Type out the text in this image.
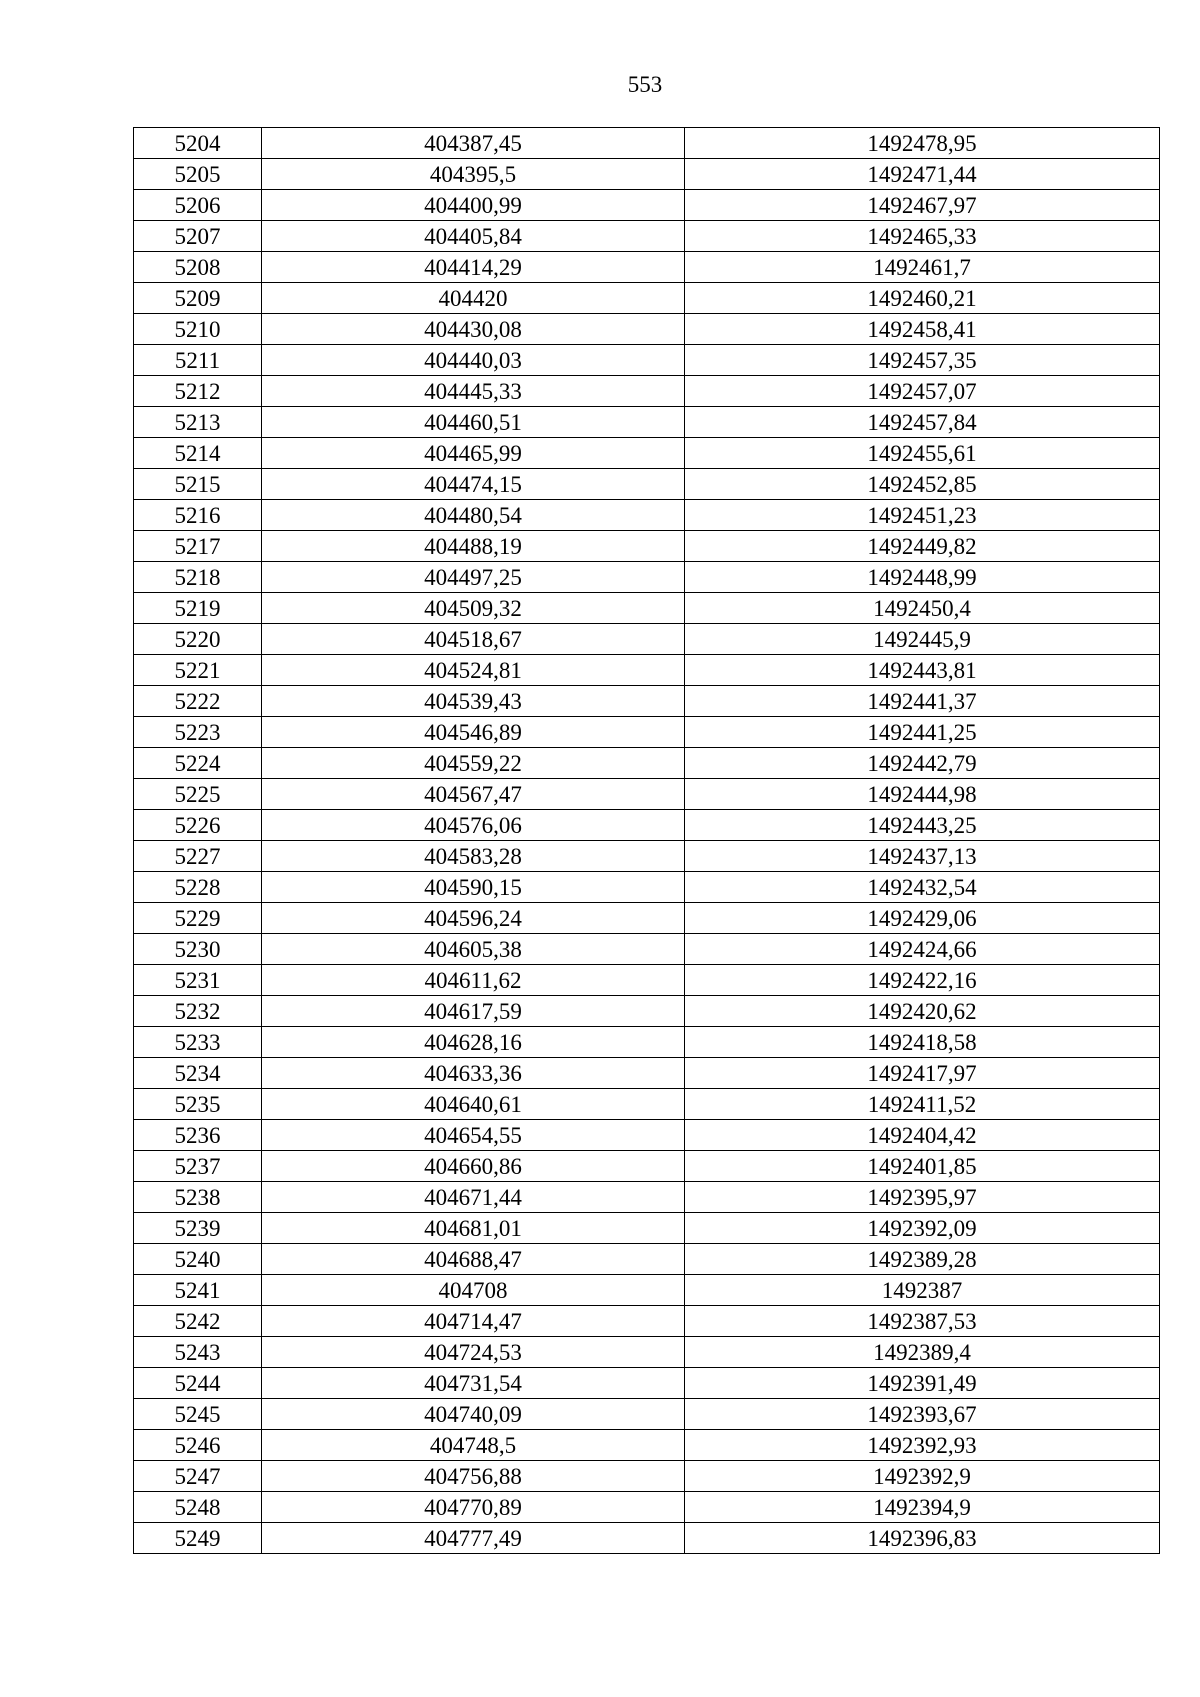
553
5204	404387,45	1492478,95
5205	404395,5	1492471,44
5206	404400,99	1492467,97
5207	404405,84	1492465,33
5208	404414,29	1492461,7
5209	404420	1492460,21
5210	404430,08	1492458,41
5211	404440,03	1492457,35
5212	404445,33	1492457,07
5213	404460,51	1492457,84
5214	404465,99	1492455,61
5215	404474,15	1492452,85
5216	404480,54	1492451,23
5217	404488,19	1492449,82
5218	404497,25	1492448,99
5219	404509,32	1492450,4
5220	404518,67	1492445,9
5221	404524,81	1492443,81
5222	404539,43	1492441,37
5223	404546,89	1492441,25
5224	404559,22	1492442,79
5225	404567,47	1492444,98
5226	404576,06	1492443,25
5227	404583,28	1492437,13
5228	404590,15	1492432,54
5229	404596,24	1492429,06
5230	404605,38	1492424,66
5231	404611,62	1492422,16
5232	404617,59	1492420,62
5233	404628,16	1492418,58
5234	404633,36	1492417,97
5235	404640,61	1492411,52
5236	404654,55	1492404,42
5237	404660,86	1492401,85
5238	404671,44	1492395,97
5239	404681,01	1492392,09
5240	404688,47	1492389,28
5241	404708	1492387
5242	404714,47	1492387,53
5243	404724,53	1492389,4
5244	404731,54	1492391,49
5245	404740,09	1492393,67
5246	404748,5	1492392,93
5247	404756,88	1492392,9
5248	404770,89	1492394,9
5249	404777,49	1492396,83
